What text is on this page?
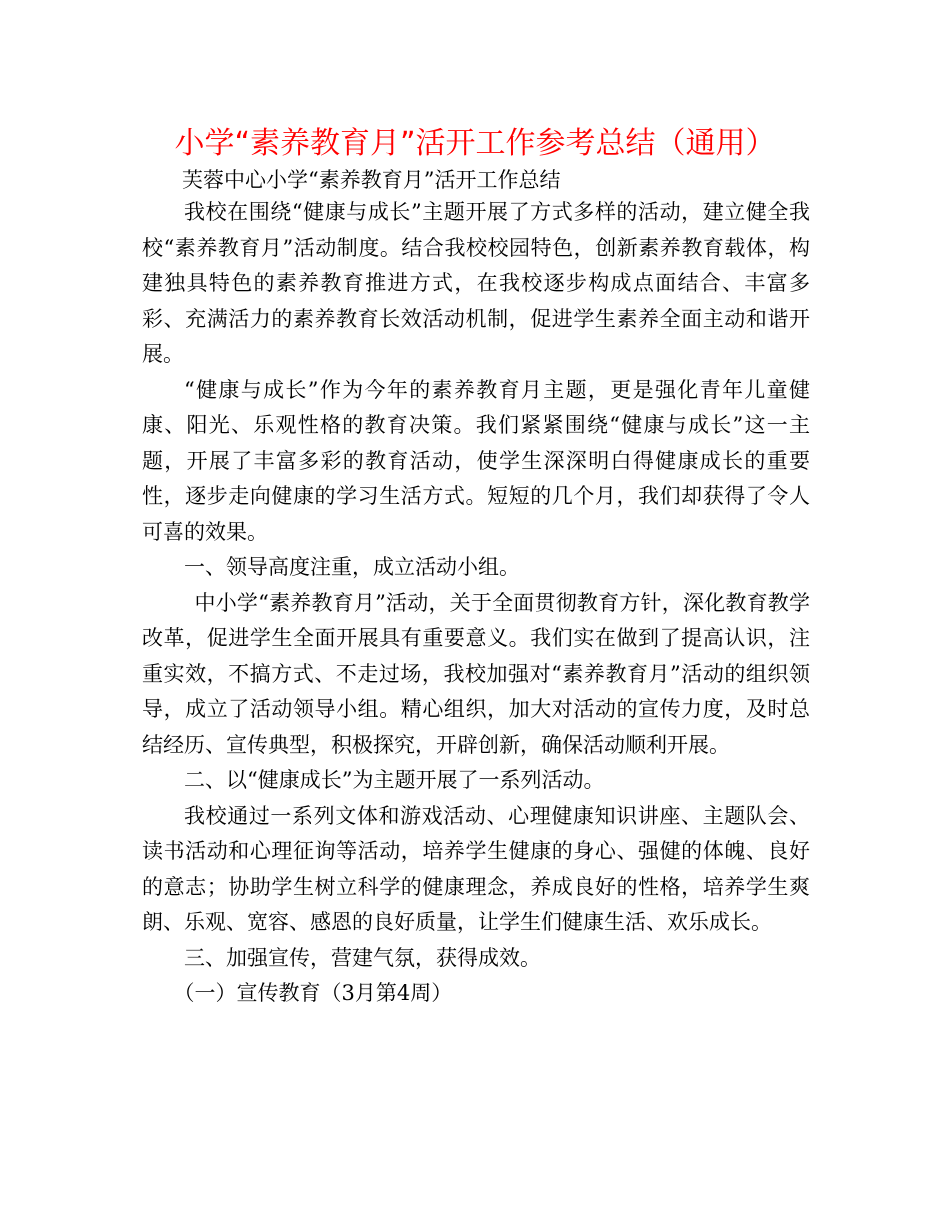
小学“素养教育月”活开工作参考总结（通用）

芙蓉中心小学“素养教育月”活开工作总结

我校在围绕“健康与成长”主题开展了方式多样的活动，建立健全我校“素养教育月”活动制度。结合我校校园特色，创新素养教育载体，构建独具特色的素养教育推进方式，在我校逐步构成点面结合、丰富多彩、充满活力的素养教育长效活动机制，促进学生素养全面主动和谐开展。

“健康与成长”作为今年的素养教育月主题，更是强化青年儿童健康、阳光、乐观性格的教育决策。我们紧紧围绕“健康与成长”这一主题，开展了丰富多彩的教育活动，使学生深深明白得健康成长的重要性，逐步走向健康的学习生活方式。短短的几个月，我们却获得了令人可喜的效果。

一、领导高度注重，成立活动小组。

中小学“素养教育月”活动，关于全面贯彻教育方针，深化教育教学改革，促进学生全面开展具有重要意义。我们实在做到了提高认识，注重实效，不搞方式、不走过场，我校加强对“素养教育月”活动的组织领导，成立了活动领导小组。精心组织，加大对活动的宣传力度，及时总结经历、宣传典型，积极探究，开辟创新，确保活动顺利开展。

二、以“健康成长”为主题开展了一系列活动。

我校通过一系列文体和游戏活动、心理健康知识讲座、主题队会、读书活动和心理征询等活动，培养学生健康的身心、强健的体魄、良好的意志；协助学生树立科学的健康理念，养成良好的性格，培养学生爽朗、乐观、宽容、感恩的良好质量，让学生们健康生活、欢乐成长。

三、加强宣传，营建气氛，获得成效。

（一）宣传教育（3月第4周）
